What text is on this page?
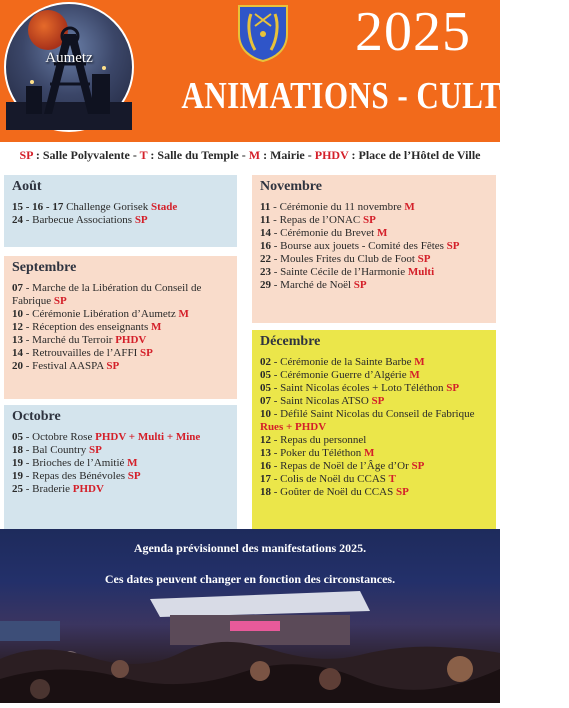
Aumetz	2025
ANIMATIONS - CULTURE
SP : Salle Polyvalente - T : Salle du Temple - M : Mairie - PHDV : Place de l’Hôtel de Ville
Août
15 - 16 - 17 Challenge Gorisek Stade
24 - Barbecue Associations SP
Septembre
07 - Marche de la Libération du Conseil de Fabrique SP
10 - Cérémonie Libération d’Aumetz M
12 - Réception des enseignants M
13 - Marché du Terroir PHDV
14 - Retrouvailles de l’AFFI SP
20 - Festival AASPA SP
Octobre
05 - Octobre Rose PHDV + Multi + Mine
18 - Bal Country SP
19 - Brioches de l’Amitié M
19 - Repas des Bénévoles SP
25 - Braderie PHDV
Novembre
11 - Cérémonie du 11 novembre M
11 - Repas de l’ONAC SP
14 - Cérémonie du Brevet M
16 - Bourse aux jouets - Comité des Fêtes SP
22 - Moules Frites du Club de Foot SP
23 - Sainte Cécile de l’Harmonie Multi
29 - Marché de Noël SP
Décembre
02 - Cérémonie de la Sainte Barbe M
05 - Cérémonie Guerre d’Algérie M
05 - Saint Nicolas écoles + Loto Téléthon SP
07 - Saint Nicolas ATSO SP
10 - Défilé Saint Nicolas du Conseil de Fabrique Rues + PHDV
12 - Repas du personnel
13 - Poker du Téléthon M
16 - Repas de Noël de l’Âge d’Or SP
17 - Colis de Noël du CCAS T
18 - Goûter de Noël du CCAS SP
Agenda prévisionnel des manifestations 2025.
Ces dates peuvent changer en fonction des circonstances.
